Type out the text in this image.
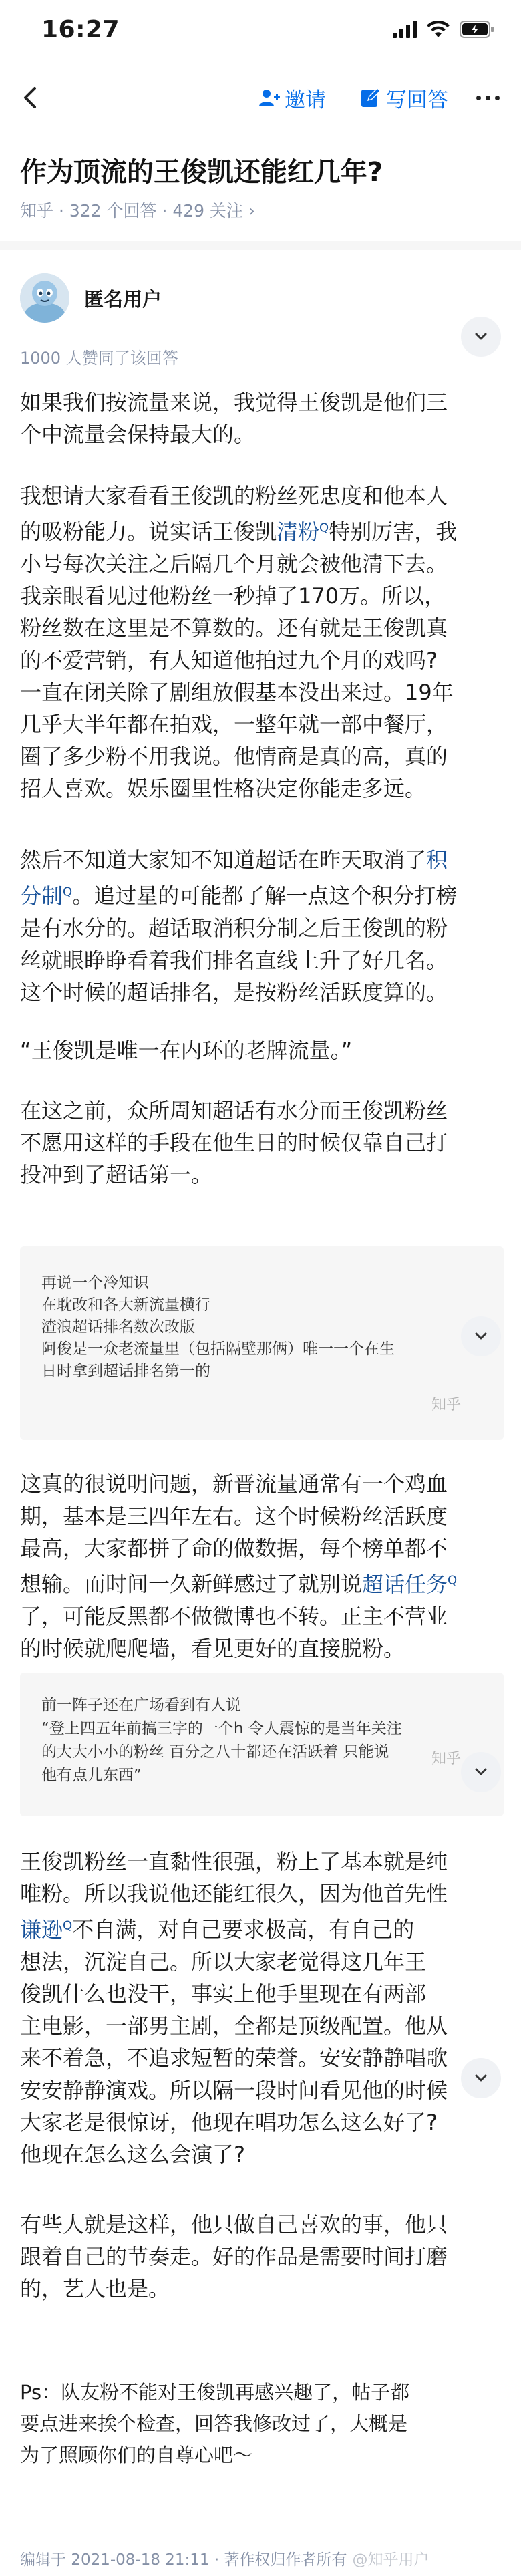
16:27
邀请	写回答
作为顶流的王俊凯还能红几年?
知乎 · 322 个回答 · 429 关注 ›
匿名用户
1000 人赞同了该回答
如果我们按流量来说，我觉得王俊凯是他们三
个中流量会保持最大的。
我想请大家看看王俊凯的粉丝死忠度和他本人
的吸粉能力。说实话王俊凯清粉$^Q$特别厉害，我
小号每次关注之后隔几个月就会被他清下去。
我亲眼看见过他粉丝一秒掉了170万。所以，
粉丝数在这里是不算数的。还有就是王俊凯真
的不爱营销，有人知道他拍过九个月的戏吗?
一直在闭关除了剧组放假基本没出来过。19年
几乎大半年都在拍戏，一整年就一部中餐厅，
圈了多少粉不用我说。他情商是真的高，真的
招人喜欢。娱乐圈里性格决定你能走多远。
然后不知道大家知不知道超话在昨天取消了积
分制$^Q$。追过星的可能都了解一点这个积分打榜
是有水分的。超话取消积分制之后王俊凯的粉
丝就眼睁睁看着我们排名直线上升了好几名。
这个时候的超话排名，是按粉丝活跃度算的。
“王俊凯是唯一在内环的老牌流量。”
在这之前，众所周知超话有水分而王俊凯粉丝
不愿用这样的手段在他生日的时候仅靠自己打
投冲到了超话第一。
再说一个冷知识
在耽改和各大新流量横行
渣浪超话排名数次改版
阿俊是一众老流量里（包括隔壁那俩）唯一一个在生
日时拿到超话排名第一的
知乎
这真的很说明问题，新晋流量通常有一个鸡血
期，基本是三四年左右。这个时候粉丝活跃度
最高，大家都拼了命的做数据，每个榜单都不
想输。而时间一久新鲜感过了就别说超话任务$^Q$
了，可能反黑都不做微博也不转。正主不营业
的时候就爬爬墙，看见更好的直接脱粉。
前一阵子还在广场看到有人说
“登上四五年前搞三字的一个h 令人震惊的是当年关注
的大大小小的粉丝 百分之八十都还在活跃着 只能说
他有点儿东西”
知乎
王俊凯粉丝一直黏性很强，粉上了基本就是纯
唯粉。所以我说他还能红很久，因为他首先性
谦逊$^Q$不自满，对自己要求极高，有自己的
想法，沉淀自己。所以大家老觉得这几年王
俊凯什么也没干，事实上他手里现在有两部
主电影，一部男主剧，全都是顶级配置。他从
来不着急，不追求短暂的荣誉。安安静静唱歌
安安静静演戏。所以隔一段时间看见他的时候
大家老是很惊讶，他现在唱功怎么这么好了?
他现在怎么这么会演了?
有些人就是这样，他只做自己喜欢的事，他只
跟着自己的节奏走。好的作品是需要时间打磨
的，艺人也是。
Ps：队友粉不能对王俊凯再感兴趣了，帖子都
要点进来挨个检查，回答我修改过了，大概是
为了照顾你们的自尊心吧～
编辑于 2021-08-18 21:11 · 著作权归作者所有 @知乎用户
